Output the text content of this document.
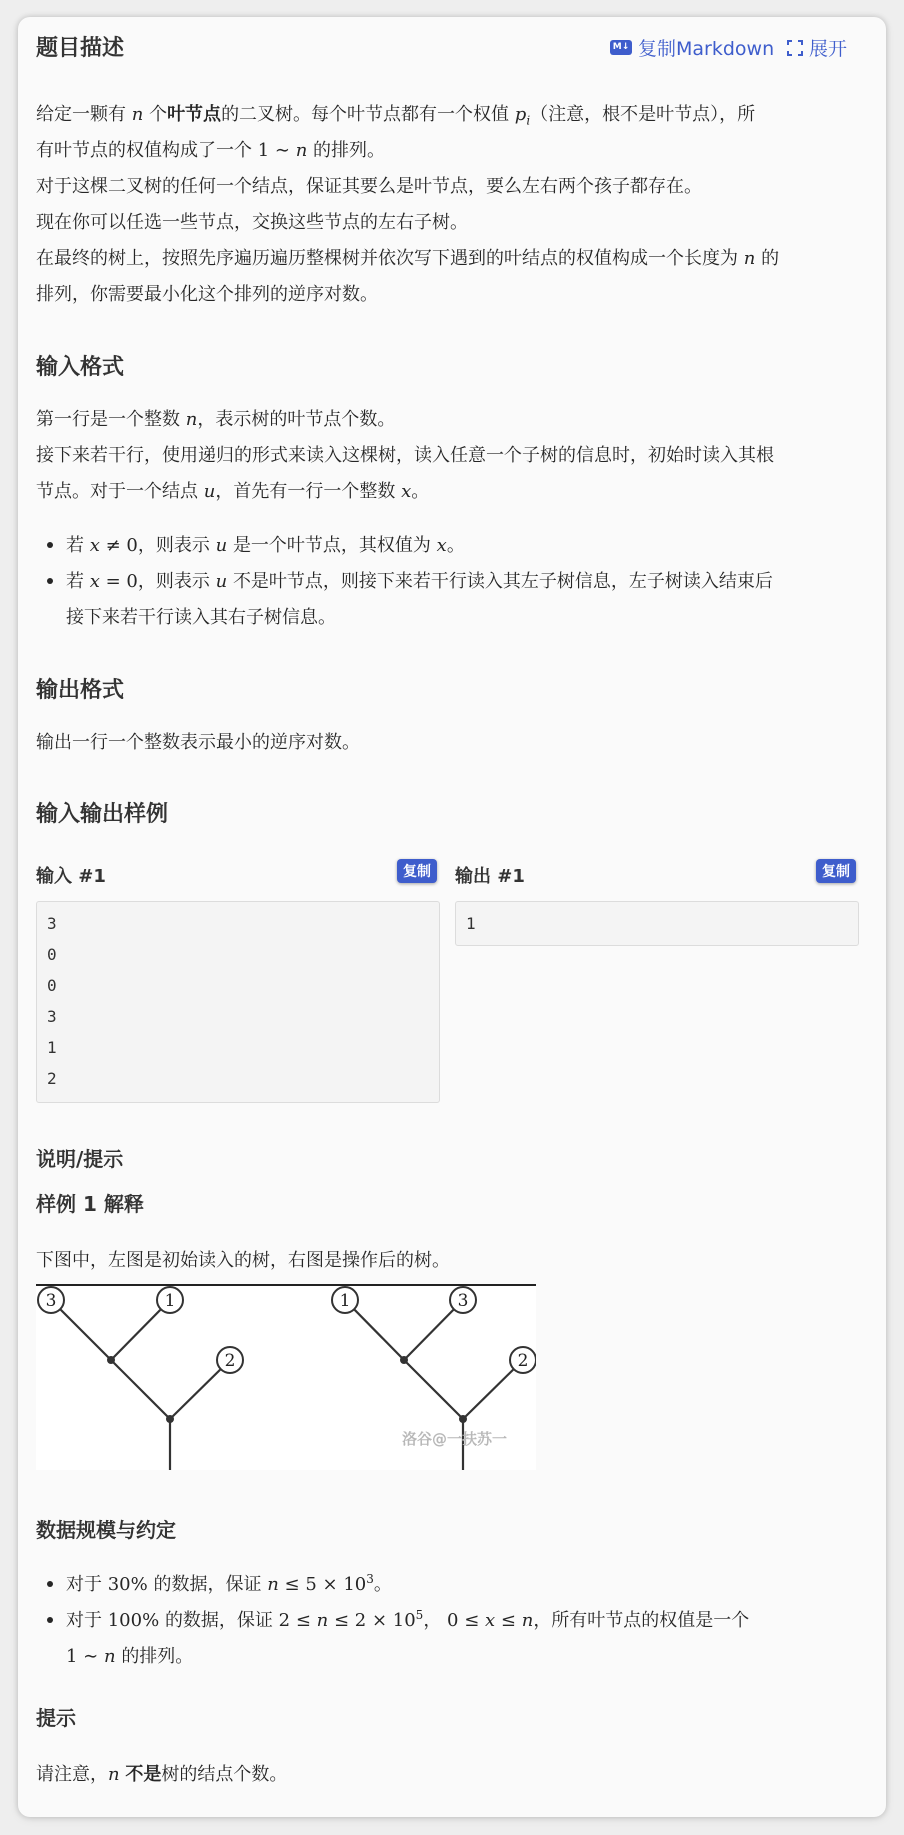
题目描述	M↓ 复制Markdown 展开
给定一颗有 n 个叶节点的二叉树。每个叶节点都有一个权值 $p_i$（注意，根不是叶节点），所
有叶节点的权值构成了一个 1 ∼ n 的排列。
对于这棵二叉树的任何一个结点，保证其要么是叶节点，要么左右两个孩子都存在。
现在你可以任选一些节点，交换这些节点的左右子树。
在最终的树上，按照先序遍历遍历整棵树并依次写下遇到的叶结点的权值构成一个长度为 n 的
排列，你需要最小化这个排列的逆序对数。
输入格式
第一行是一个整数 n，表示树的叶节点个数。
接下来若干行，使用递归的形式来读入这棵树，读入任意一个子树的信息时，初始时读入其根
节点。对于一个结点 u，首先有一行一个整数 x。
若 x ≠ 0，则表示 u 是一个叶节点，其权值为 x。
若 x = 0，则表示 u 不是叶节点，则接下来若干行读入其左子树信息，左子树读入结束后
接下来若干行读入其右子树信息。
输出格式
输出一行一个整数表示最小的逆序对数。
输入输出样例
输入 #1	复制
3
0
0
3
1
2
输出 #1	复制
1
说明/提示
样例 1 解释
下图中，左图是初始读入的树，右图是操作后的树。
3	1
2
1	3
2
洛谷@一扶苏一
数据规模与约定
对于 30% 的数据，保证 $n \le 5 \times 10^3$。
对于 100% 的数据，保证 $2 \le n \le 2 \times 10^5$， 0 ≤ x ≤ n，所有叶节点的权值是一个
1 ∼ n 的排列。
提示
请注意，n 不是树的结点个数。
